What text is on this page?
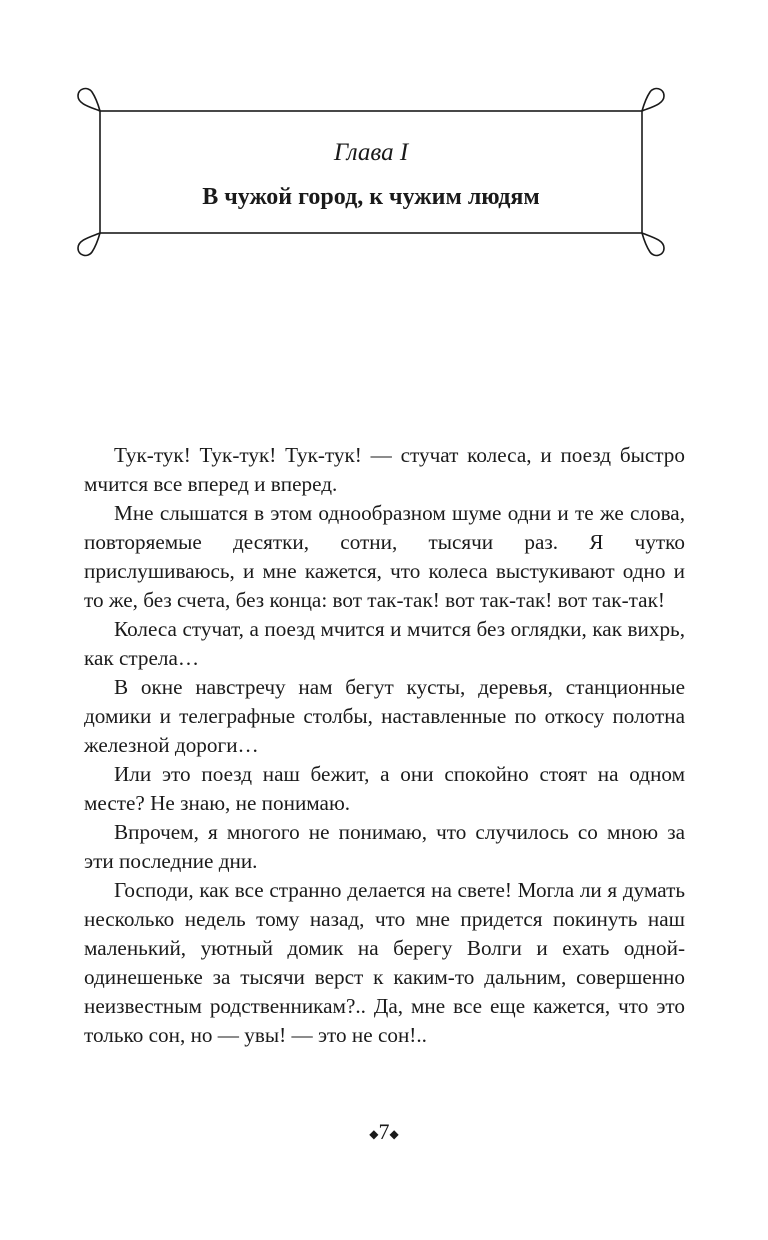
Глава I
В чужой город, к чужим людям

Тук-тук! Тук-тук! Тук-тук! — стучат колеса, и поезд быстро мчится все вперед и вперед.

Мне слышатся в этом однообразном шуме одни и те же слова, повторяемые десятки, сотни, тысячи раз. Я чутко прислушиваюсь, и мне кажется, что колеса выстукивают одно и то же, без счета, без конца: вот так-так! вот так-так! вот так-так!

Колеса стучат, а поезд мчится и мчится без оглядки, как вихрь, как стрела…

В окне навстречу нам бегут кусты, деревья, станционные домики и телеграфные столбы, наставленные по откосу полотна железной дороги…

Или это поезд наш бежит, а они спокойно стоят на одном месте? Не знаю, не понимаю.

Впрочем, я многого не понимаю, что случилось со мною за эти последние дни.

Господи, как все странно делается на свете! Могла ли я думать несколько недель тому назад, что мне придется покинуть наш маленький, уютный домик на берегу Волги и ехать одной-одинешеньке за тысячи верст к каким-то дальним, совершенно неизвестным родственникам?.. Да, мне все еще кажется, что это только сон, но — увы! — это не сон!..

◆7◆
